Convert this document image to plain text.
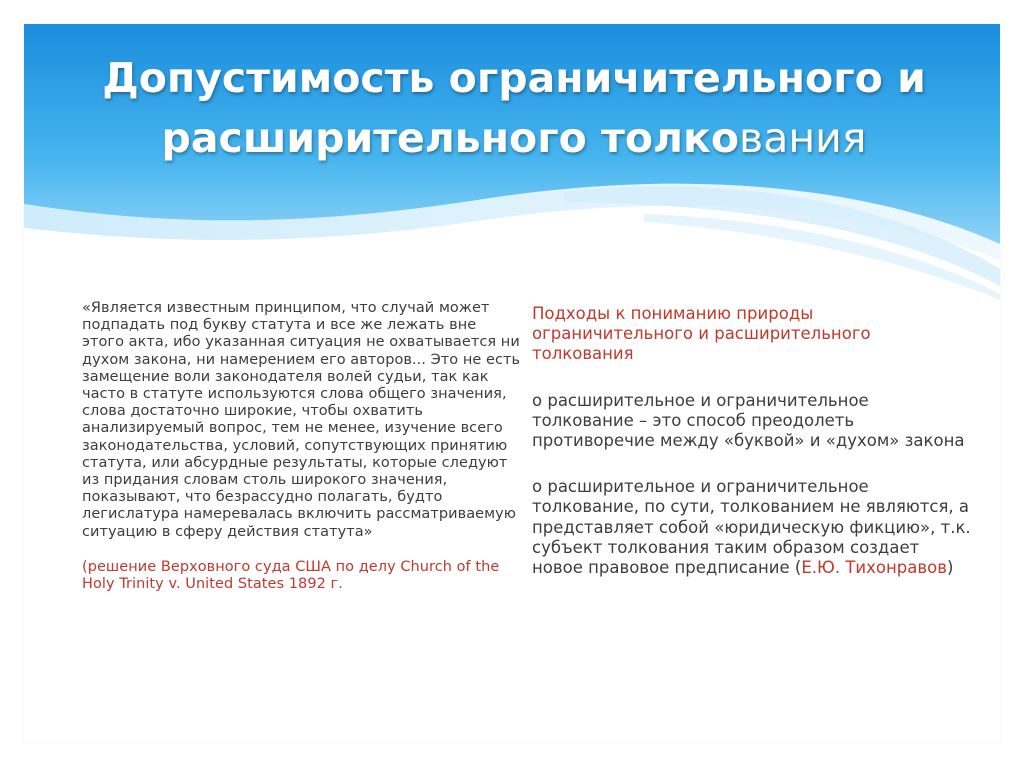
Допустимость ограничительного и
расширительного толкования

«Является известным принципом, что случай может подпадать под букву статута и все же лежать вне этого акта, ибо указанная ситуация не охватывается ни духом закона, ни намерением его авторов... Это не есть замещение воли законодателя волей судьи, так как часто в статуте используются слова общего значения, слова достаточно широкие, чтобы охватить анализируемый вопрос, тем не менее, изучение всего законодательства, условий, сопутствующих принятию статута, или абсурдные результаты, которые следуют из придания словам столь широкого значения, показывают, что безрассудно полагать, будто легислатура намеревалась включить рассматриваемую ситуацию в сферу действия статута»

(решение Верховного суда США по делу Church of the Holy Trinity v. United States 1892 г.

Подходы к пониманию природы ограничительного и расширительного толкования

о расширительное и ограничительное толкование – это способ преодолеть противоречие между «буквой» и «духом» закона

о расширительное и ограничительное толкование, по сути, толкованием не являются, а представляет собой «юридическую фикцию», т.к. субъект толкования таким образом создает новое правовое предписание (Е.Ю. Тихонравов)
